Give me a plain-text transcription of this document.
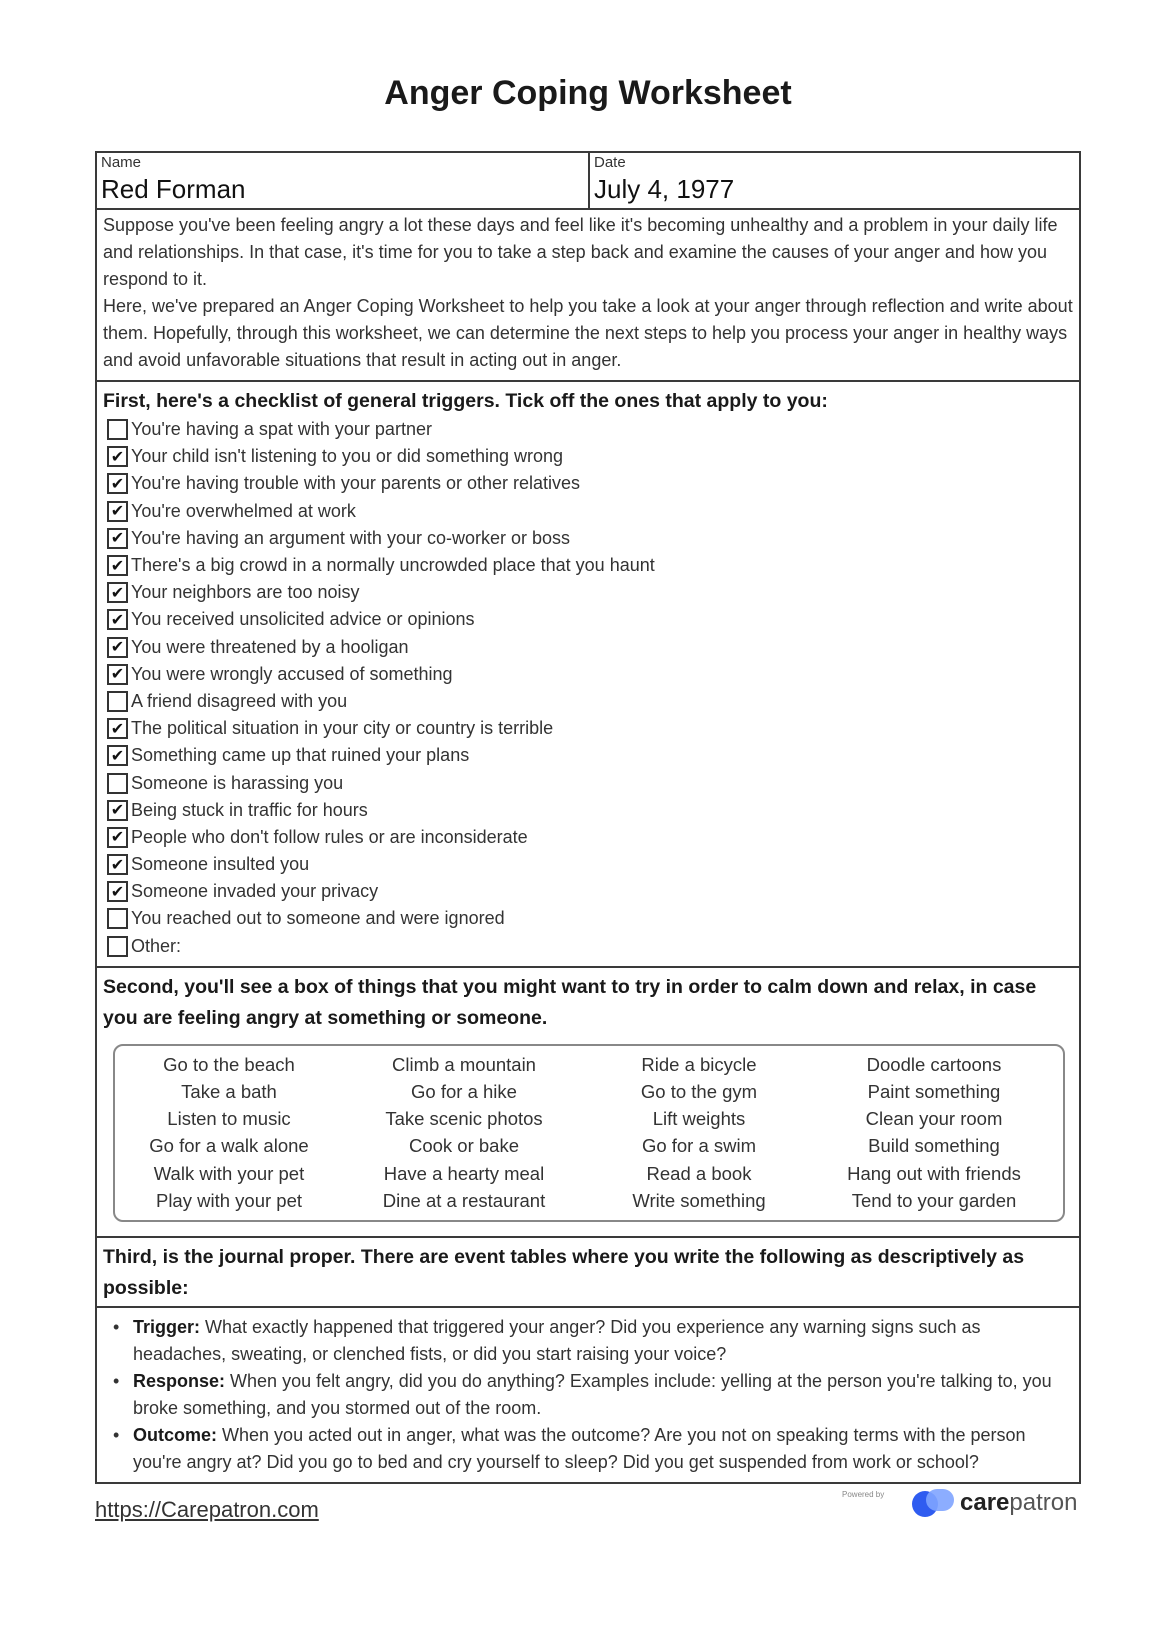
Anger Coping Worksheet
Name
Red Forman
Date
July 4, 1977

Suppose you've been feeling angry a lot these days and feel like it's becoming unhealthy and a problem in your daily life and relationships. In that case, it's time for you to take a step back and examine the causes of your anger and how you respond to it.

Here, we've prepared an Anger Coping Worksheet to help you take a look at your anger through reflection and write about them. Hopefully, through this worksheet, we can determine the next steps to help you process your anger in healthy ways and avoid unfavorable situations that result in acting out in anger.

First, here's a checklist of general triggers. Tick off the ones that apply to you:
You're having a spat with your partner
✔ Your child isn't listening to you or did something wrong
✔ You're having trouble with your parents or other relatives
✔ You're overwhelmed at work
✔ You're having an argument with your co-worker or boss
✔ There's a big crowd in a normally uncrowded place that you haunt
✔ Your neighbors are too noisy
✔ You received unsolicited advice or opinions
✔ You were threatened by a hooligan
✔ You were wrongly accused of something
A friend disagreed with you
✔ The political situation in your city or country is terrible
✔ Something came up that ruined your plans
Someone is harassing you
✔ Being stuck in traffic for hours
✔ People who don't follow rules or are inconsiderate
✔ Someone insulted you
✔ Someone invaded your privacy
You reached out to someone and were ignored
Other:
Second, you'll see a box of things that you might want to try in order to calm down and relax, in case you are feeling angry at something or someone.
Go to the beach	Climb a mountain	Ride a bicycle	Doodle cartoons
Take a bath	Go for a hike	Go to the gym	Paint something
Listen to music	Take scenic photos	Lift weights	Clean your room
Go for a walk alone	Cook or bake	Go for a swim	Build something
Walk with your pet	Have a hearty meal	Read a book	Hang out with friends
Play with your pet	Dine at a restaurant	Write something	Tend to your garden
Third, is the journal proper. There are event tables where you write the following as descriptively as possible:
• Trigger: What exactly happened that triggered your anger? Did you experience any warning signs such as headaches, sweating, or clenched fists, or did you start raising your voice?
• Response: When you felt angry, did you do anything? Examples include: yelling at the person you're talking to, you broke something, and you stormed out of the room.
• Outcome: When you acted out in anger, what was the outcome? Are you not on speaking terms with the person you're angry at? Did you go to bed and cry yourself to sleep? Did you get suspended from work or school?
https://Carepatron.com
Powered by	carepatron
